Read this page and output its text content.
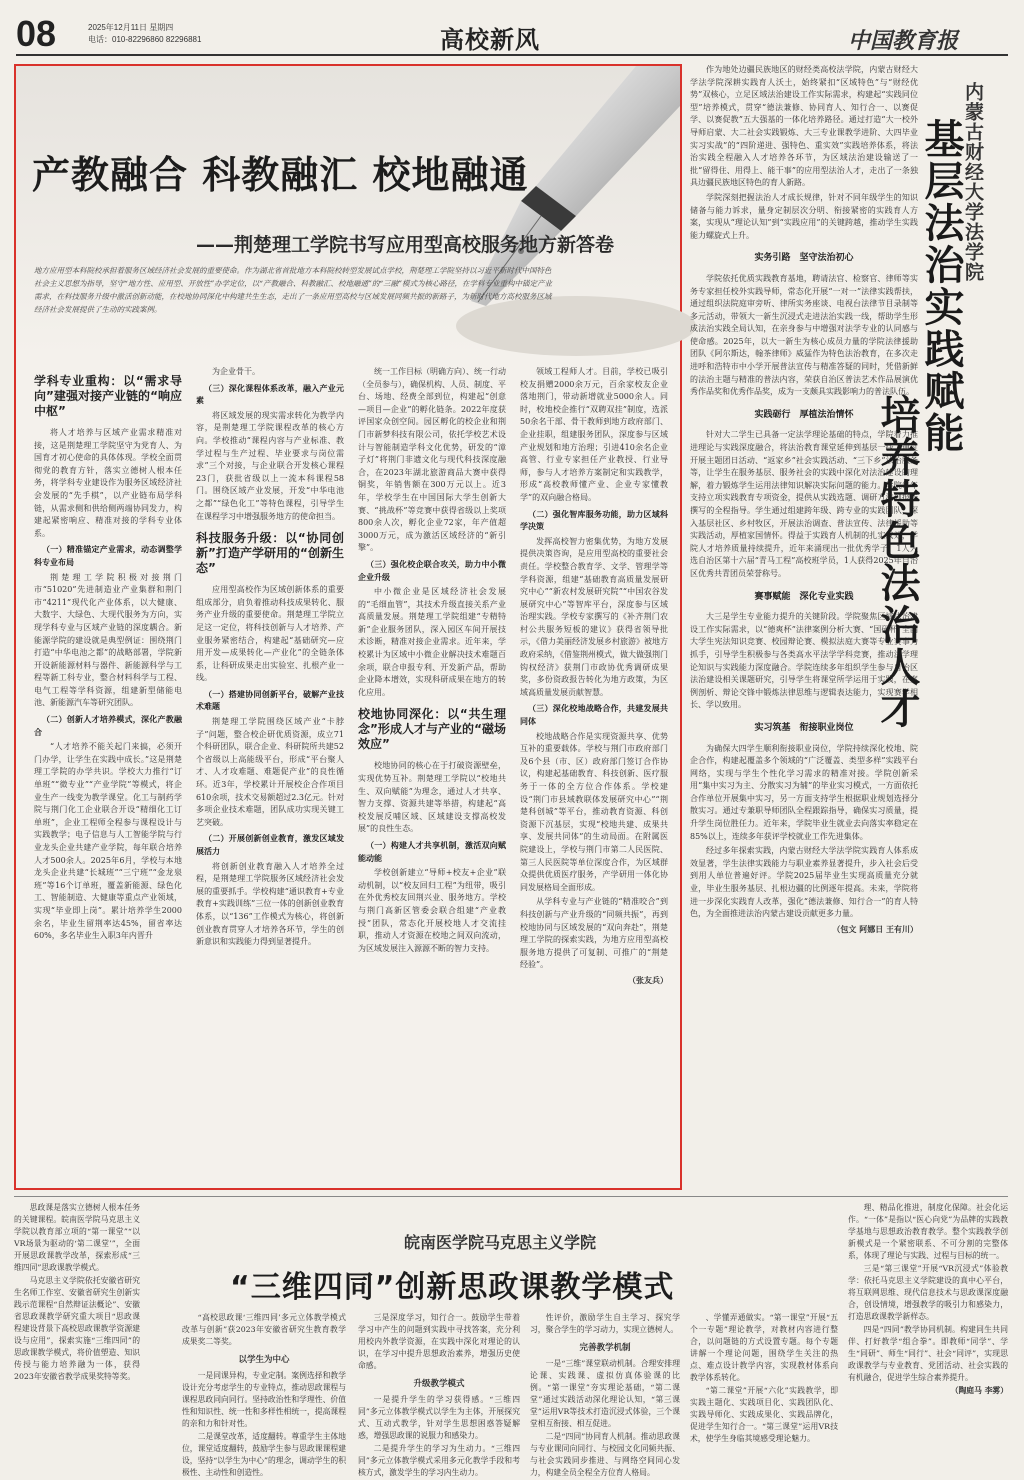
08	2025年12月11日 星期四
电话：010-82296860 82296881	高校新风	中国教育报
产教融合 科教融汇 校地融通
——荆楚理工学院书写应用型高校服务地方新答卷
地方应用型本科院校承担着服务区域经济社会发展的重要使命。作为湖北省首批地方本科院校转型发展试点学校，荆楚理工学院坚持以习近平新时代中国特色社会主义思想为指导，坚守“地方性、应用型、开放性”办学定位，以“产教融合、科教融汇、校地融通”的“三融”模式为核心路径，在学科专业重构中锚定产业需求，在科技服务升级中激活创新动能，在校地协同深化中构建共生生态，走出了一条应用型高校与区域发展同频共振的新路子，为新时代地方高校服务区域经济社会发展提供了生动的实践案例。
学科专业重构：以“需求导向”建强对接产业链的“响应中枢”

将人才培养与区域产业需求精准对接，这是荆楚理工学院坚守为党育人、为国育才初心使命的具体体现。学校全面贯彻党的教育方针，落实立德树人根本任务，将学科专业建设作为服务区域经济社会发展的“先手棋”，以产业链布局学科链，从需求侧和供给侧两端协同发力，构建起紧密响应、精准对接的学科专业体系。

（一）精准锚定产业需求，动态调整学科专业布局

荆楚理工学院积极对接荆门市“51020”先进制造业产业集群和荆门市“4211”现代化产业体系，以大健康、大数字、大绿色、大现代服务为方向，实现学科专业与区域产业链的深度耦合。新能源学院的建设就是典型例证：围绕荆门打造“中华电池之都”的战略部署，学院新开设新能源材料与器件、新能源科学与工程等新工科专业，整合材料科学与工程、电气工程等学科资源，组建新型储能电池、新能源汽车等研究团队。

（二）创新人才培养模式，深化产教融合

“人才培养不能关起门来搞，必须开门办学，让学生在实践中成长。”这是荆楚理工学院的办学共识。学校大力推行“订单班”“微专业”“产业学院”等模式，将企业生产一线变为教学课堂。化工与制药学院与荆门化工企业联合开设“精细化工订单班”，企业工程师全程参与课程设计与实践教学；电子信息与人工智能学院与行业龙头企业共建产业学院，每年联合培养人才500余人。2025年6月，学校与本地龙头企业共建“长城班”“三宁班”“金龙泉班”等16个订单班，覆盖新能源、绿色化工、智能制造、大健康等重点产业领域，实现“毕业即上岗”。累计培养学生2000余名，毕业生留荆率达45%，留省率达60%，多名毕业生入职3年内晋升

为企业骨干。

（三）深化课程体系改革，融入产业元素

将区域发展的现实需求转化为教学内容，是荆楚理工学院课程改革的核心方向。学校推动“课程内容与产业标准、教学过程与生产过程、毕业要求与岗位需求”三个对接，与企业联合开发核心课程23门，获批省级以上一流本科课程58门。围绕区域产业发展，开发“中华电池之都”“绿色化工”等特色课程，引导学生在课程学习中增强服务地方的使命担当。

科技服务升级：以“协同创新”打造产学研用的“创新生态”

应用型高校作为区域创新体系的重要组成部分，肩负着推动科技成果转化、服务产业升级的重要使命。荆楚理工学院立足这一定位，将科技创新与人才培养、产业服务紧密结合，构建起“基础研究—应用开发—成果转化—产业化”的全链条体系，让科研成果走出实验室、扎根产业一线。

（一）搭建协同创新平台，破解产业技术难题

荆楚理工学院围绕区域产业“卡脖子”问题，整合校企研优质资源，成立71个科研团队，联合企业、科研院所共建52个省级以上高能级平台，形成“平台聚人才、人才攻难题、难题促产业”的良性循环。近3年，学校累计开展校企合作项目610余项，技术交易额超过2.3亿元。针对多项企业技术难题，团队成功实现关键工艺突破。

（二）开展创新创业教育，激发区域发展活力

将创新创业教育融入人才培养全过程，是荆楚理工学院服务区域经济社会发展的重要抓手。学校构建“通识教育+专业教育+实践训练”三位一体的创新创业教育体系，以“136”工作模式为核心，将创新创业教育贯穿人才培养各环节，学生的创新意识和实践能力得到显著提升。

统一工作目标（明确方向）、统一行动（全员参与），确保机构、人员、制度、平台、场地、经费全部到位，构建起“创意—项目—企业”的孵化链条。2022年度获评国家众创空间。园区孵化的校企业和荆门市新梦科技有限公司，依托学校艺术设计与智能制造学科文化优势，研发的“漳子灯”将荆门非遗文化与现代科技深度融合，在2023年湖北旅游商品大赛中获得铜奖，年销售额在300万元以上。近3年，学校学生在中国国际大学生创新大赛、“挑战杯”等竞赛中获得省级以上奖项800余人次，孵化企业72家，年产值超3000万元，成为激活区域经济的“新引擎”。

（三）强化校企联合攻关，助力中小微企业升级

中小微企业是区域经济社会发展的“毛细血管”，其技术升级直接关系产业高质量发展。荆楚理工学院组建“专精特新”企业服务团队，深入园区车间开展技术诊断，精准对接企业需求。近年来，学校累计为区域中小微企业解决技术难题百余项，联合申报专利、开发新产品，帮助企业降本增效，实现科研成果在地方的转化应用。

校地协同深化：以“共生理念”形成人才与产业的“磁场效应”

校地协同的核心在于打破资源壁垒，实现优势互补。荆楚理工学院以“校地共生、双向赋能”为理念，通过人才共享、智力支撑、资源共建等举措，构建起“高校发展反哺区域、区域建设支撑高校发展”的良性生态。

（一）构建人才共享机制，激活双向赋能动能

学校创新建立“导师+校友+企业”联动机制，以“校友回归工程”为纽带，吸引在外优秀校友回荆兴业、服务地方。学校与荆门高新区管委会联合组建“产业教授”团队，常态化开展校地人才交流挂职，推动人才资源在校地之间双向流动，为区域发展注入源源不断的智力支持。

领域工程师人才。目前，学校已吸引校友捐赠2000余万元，百余家校友企业落地荆门，带动新增就业5000余人。同时，校地校企推行“双聘双挂”制度，选派50余名干部、骨干教师到地方政府部门、企业挂职，组建服务团队，深度参与区域产业规划和地方治理；引进410余名企业高管、行业专家担任产业教授、行业导师，参与人才培养方案制定和实践教学，形成“高校教师懂产业、企业专家懂教学”的双向融合格局。

（二）强化智库服务功能，助力区域科学决策

发挥高校智力密集优势，为地方发展提供决策咨询，是应用型高校的重要社会责任。学校整合教育学、文学、管理学等学科资源，组建“基础教育高质量发展研究中心”“新农村发展研究院”“中国农谷发展研究中心”等智库平台，深度参与区域治理实践。学校专家撰写的《补齐荆门农村公共服务短板的建议》获得省领导批示，《借力美丽经济发展乡村旅游》被地方政府采纳，《借鉴荆州模式，做大做强荆门钩权经济》获荆门市政协优秀调研成果奖，多份资政报告转化为地方政策，为区域高质量发展贡献智慧。

（三）深化校地战略合作，共建发展共同体

校地战略合作是实现资源共享、优势互补的重要载体。学校与荆门市政府部门及6个县（市、区）政府部门签订合作协议，构建起基础教育、科技创新、医疗服务于一体的全方位合作体系。学校建设“荆门市县域教联体发展研究中心”“荆楚科创城”等平台，推动教育资源、科创资源下沉基层，实现“校地共建、成果共享、发展共同体”的生动局面。在附属医院建设上，学校与荆门市第二人民医院、第三人民医院等单位深度合作，为区域群众提供优质医疗服务，产学研用一体化协同发展格局全面形成。

从学科专业与产业链的“精准咬合”到科技创新与产业升级的“同频共振”，再到校地协同与区域发展的“双向奔赴”，荆楚理工学院的探索实践，为地方应用型高校服务地方提供了可复制、可推广的“荆楚经验”。

（张友兵）

作为地处边疆民族地区的财经类高校法学院，内蒙古财经大学法学院深耕实践育人沃土，始终紧扣“区域特色”与“财经优势”双核心，立足区域法治建设工作实际需求，构建起“实践同位型”培养模式，贯穿“德法兼修、协同育人、知行合一、以赛促学、以赛促教”五大强基的一体化培养路径。通过打造“大一校外导师启蒙、大二社会实践锻炼、大三专业课教学进阶、大四毕业实习实战”的“四阶递进、强特色、重实效”实践培养体系，将法治实践全程融入人才培养各环节，为区域法治建设输送了一批“留得住、用得上、能干事”的应用型法治人才，走出了一条独具边疆民族地区特色的育人新路。

学院深刻把握法治人才成长规律，针对不同年级学生的知识储备与能力诉求，量身定制层次分明、衔接紧密的实践育人方案，实现从“理论认知”到“实践应用”的关键跨越，推动学生实践能力螺旋式上升。

实务引路　坚守法治初心

学院依托优质实践教育基地，聘请法官、检察官、律师等实务专家担任校外实践导师，常态化开展“一对一”法律实践帮扶，通过组织法院庭审旁听、律所实务座谈、电视台法律节目录制等多元活动，带领大一新生沉浸式走进法治实践一线，帮助学生形成法治实践全局认知，在亲身参与中增强对法学专业的认同感与使命感。2025年，以大一新生为核心成员力量的学院法律援助团队《阿尔斯达，翰茶律师》威猛作为特色法治教育，在多次走进呼和浩特市中小学开展普法宣传与精准答疑的同时，凭借新鲜的法治主题与精准的普法内容，荣获自治区普法艺术作品展演优秀作品奖和优秀作品奖，成为一支颇具实践影响力的普法队伍。

实践砺行　厚植法治情怀

针对大二学生已具备一定法学理论基础的特点，学院着力推进理论与实践深度融合，将法治教育课堂延伸到基层一线。通过开展主题团日活动、“返家乡”社会实践活动、“三下乡”法治服务等，让学生在服务基层、服务社会的实践中深化对法治建设的理解，着力锻炼学生运用法律知识解决实际问题的能力。学院每年支持立项实践教育专项资金，提供从实践选题、调研方法到报告撰写的全程指导。学生通过组建跨年级、跨专业的实践团队，深入基层社区、乡村牧区，开展法治调查、普法宣传、法律援助等实践活动，厚植家国情怀。得益于实践育人机制的扎实成效，学院人才培养质量持续提升，近年来涌现出一批优秀学子，1人入选自治区第十六届“青马工程”高校班学员，1人获得2025年自治区优秀共青团员荣誉称号。

赛事赋能　深化专业实践

大三是学生专业能力提升的关键阶段。学院聚焦区域法治建设工作实际需求，以“德爽杯”法律案例分析大赛、“国研杯”全国大学生宪法知识竞赛、校园辩论赛、模拟法庭大赛等专业赛事为抓手，引导学生积极参与各类高水平法学学科竞赛，推动法学理论知识与实践能力深度融合。学院连续多年组织学生参与自治区法治建设相关课题研究，引导学生将课堂所学运用于实践，在案例剖析、辩论交锋中锻炼法律思维与逻辑表达能力，实现赛学相长、学以致用。

实习筑基　衔接职业岗位

为确保大四学生顺利衔接职业岗位，学院持续深化校地、院企合作，构建起覆盖多个领域的“广泛覆盖、类型多样”实践平台网络，实现与学生个性化学习需求的精准对接。学院创新采用“集中实习为主、分散实习为辅”的毕业实习模式，一方面依托合作单位开展集中实习，另一方面支持学生根据职业规划选择分散实习。通过专兼职导师团队全程跟踪指导，确保实习质量，提升学生岗位胜任力。近年来，学院毕业生就业去向落实率稳定在85%以上，连续多年获评学校就业工作先进集体。

经过多年探索实践，内蒙古财经大学法学院实践育人体系成效显著，学生法律实践能力与职业素养显著提升，步入社会后受到用人单位普遍好评。学院2025届毕业生实现高质量充分就业，毕业生服务基层、扎根边疆的比例逐年提高。未来，学院将进一步深化实践育人改革，强化“德法兼修、知行合一”的育人特色，为全面推进法治内蒙古建设贡献更多力量。

（包文 阿娜日 王有川）

内蒙古财经大学法学院
基层法治实践赋能
培养特色法治人才

思政课是落实立德树人根本任务的关键课程。皖南医学院马克思主义学院以教育部立项的“第一课堂”“以VR场景为驱动的‘第二课堂’”，全面开展思政课教学改革，探索形成“三维四同”思政课教学模式。

马克思主义学院依托安徽省研究生名师工作室、安徽省研究生创新实践示范课程“自然辩证法概论”、安徽省思政课教学研究重大项目“思政课程建设背景下高校思政课教学资源建设与应用”，探索实施“三维四同”的思政课教学模式，将价值塑造、知识传授与能力培养融为一体，获得2023年安徽省教学成果奖特等奖。

皖南医学院马克思主义学院
“三维四同”创新思政课教学模式

“高校思政课‘三维四同’多元立体教学模式改革与创新”获2023年安徽省研究生教育教学成果奖二等奖。

以学生为中心

一是同课异构，专业定制。案例选择和教学设计充分考虑学生的专业特点，推动思政课程与课程思政同向同行。坚持政治性和学理性、价值性和知识性、统一性和多样性相统一，提高课程的亲和力和针对性。

二是课堂改革，适度翻转。尊重学生主体地位，课堂适度翻转，鼓励学生参与思政课课程建设，坚持“以学生为中心”的理念，调动学生的积极性、主动性和创造性。

三是深度学习，知行合一。鼓励学生带着学习中产生的问题到实践中寻找答案，充分利用校内外教学资源，在实践中深化对理论的认识，在学习中提升思想政治素养，增强历史使命感。

升级教学模式

一是提升学生的学习获得感。“三维四同”多元立体教学模式以学生为主体，开展探究式、互动式教学，针对学生思想困惑答疑解惑，增强思政课的说服力和感染力。

二是提升学生的学习为生动力。“三维四同”多元立体教学模式采用多元化教学手段和考核方式，激发学生的学习内生动力。

性评价，激励学生自主学习、探究学习，聚合学生的学习动力，实现立德树人。

完善教学机制

一是“三维”课堂联动机制。合理安排理论课、实践课、虚拟仿真体验课的比例。“第一课堂”夯实理论基础，“第二课堂”通过实践活动深化理论认知，“第三课堂”运用VR等技术打造沉浸式体验，三个课堂相互衔接、相互促进。

二是“四同”协同育人机制。推动思政课与专业课同向同行、与校园文化同频共振、与社会实践同步推进、与网络空间同心发力，构建全员全程全方位育人格局。

、学懂弄通做实。“第一课堂”开展“五个一专题”理论教学，对教材内容进行整合，以问题链的方式设置专题。每个专题讲解一个理论问题，围绕学生关注的热点、难点设计教学内容，实现教材体系向教学体系转化。

“第二课堂”开展“六化”实践教学，即实践主题化、实践项目化、实践团队化、实践导师化、实践成果化、实践品牌化，促进学生知行合一。“第三课堂”运用VR技术，使学生身临其境感受理论魅力。

理、精品化推进，制度化保障。社会化运作。“一体”是指以“医心向党”为品牌的实践教学基地与思想政治教育教学。整个实践教学创新模式是一个紧密联系、不可分割的完整体系，体现了理论与实践、过程与目标的统一。

三是“第三课堂”开展“VR沉浸式”体验教学：依托马克思主义学院建设的真中心平台，将互联网思维、现代信息技术与思政课深度融合，创设情境，增强教学的吸引力和感染力，打造思政课教学新样态。

四是“四同”教学协同机制。构建同生共同伴、打好教学“组合拳”。即教师“同学”、学生“同研”、师生“同行”、社会“同评”，实现思政课教学与专业教育、党团活动、社会实践的有机融合，促进学生综合素养提升。

（陶庭马 李雾）
